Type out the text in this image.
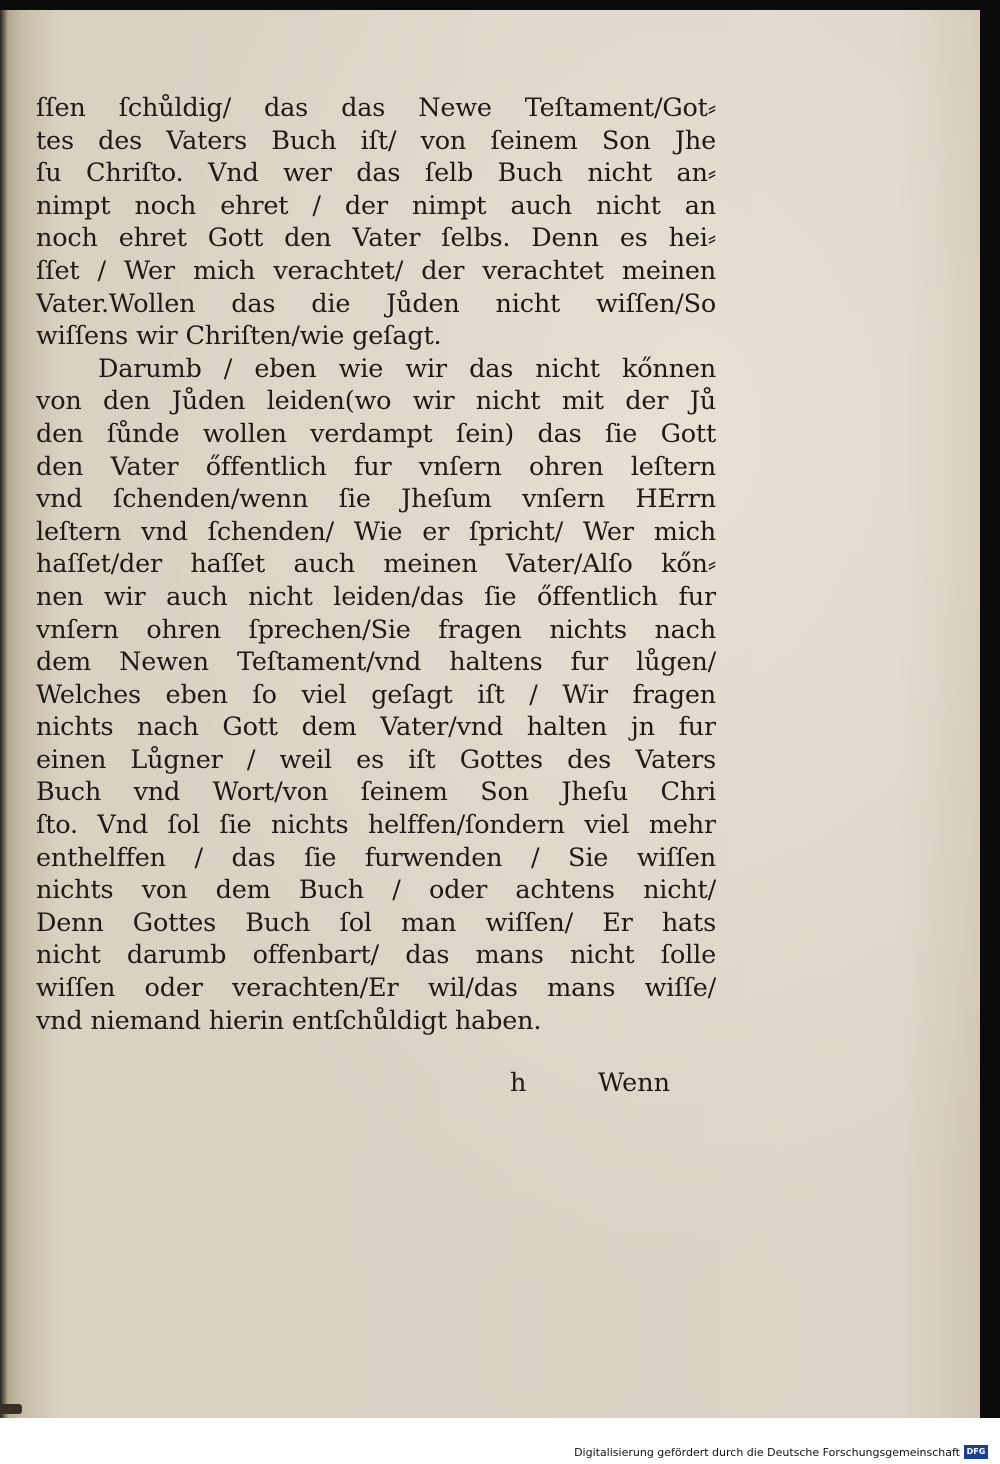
ſſen ſchůldig/ das das Newe Teſtament/Got⸗
tes des Vaters Buch iſt/ von ſeinem Son Jhe
ſu Chriſto. Vnd wer das ſelb Buch nicht an⸗
nimpt noch ehret / der nimpt auch nicht an
noch ehret Gott den Vater ſelbs. Denn es hei⸗
ſſet / Wer mich verachtet/ der verachtet meinen
Vater.Wollen das die Jůden nicht wiſſen/So
wiſſens wir Chriſten/wie geſagt.
Darumb / eben wie wir das nicht kőnnen
von den Jůden leiden(wo wir nicht mit der Jů
den ſůnde wollen verdampt ſein) das ſie Gott
den Vater őffentlich fur vnſern ohren leſtern
vnd ſchenden/wenn ſie Jheſum vnſern HErrn
leſtern vnd ſchenden/ Wie er ſpricht/ Wer mich
haſſet/der haſſet auch meinen Vater/Alſo kőn⸗
nen wir auch nicht leiden/das ſie őffentlich fur
vnſern ohren ſprechen/Sie fragen nichts nach
dem Newen Teſtament/vnd haltens fur lůgen/
Welches eben ſo viel geſagt iſt / Wir fragen
nichts nach Gott dem Vater/vnd halten jn fur
einen Lůgner / weil es iſt Gottes des Vaters
Buch vnd Wort/von ſeinem Son Jheſu Chri
ſto. Vnd ſol ſie nichts helffen/ſondern viel mehr
enthelffen / das ſie furwenden / Sie wiſſen
nichts von dem Buch / oder achtens nicht/
Denn Gottes Buch ſol man wiſſen/ Er hats
nicht darumb offenbart/ das mans nicht ſolle
wiſſen oder verachten/Er wil/das mans wiſſe/
vnd niemand hierin entſchůldigt haben.
h	Wenn
Digitalisierung gefördert durch die Deutsche Forschungsgemeinschaft DFG
